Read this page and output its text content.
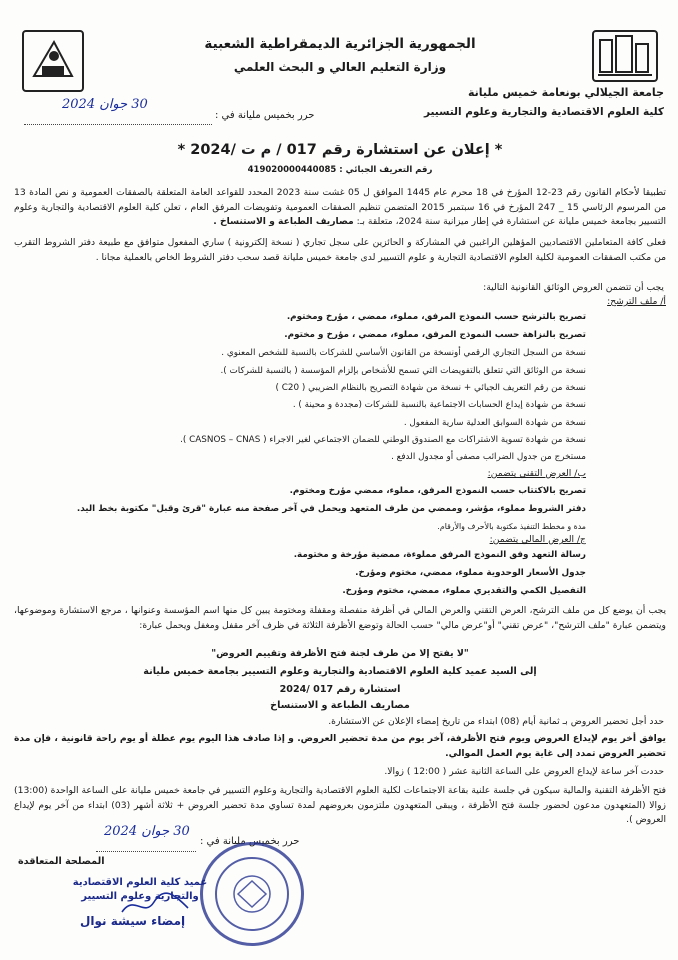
الجمهورية الجزائرية الديمقراطية الشعبية
وزارة التعليم العالي و البحث العلمي
جامعة الجيلالي بونعامة خميس مليانة
كلية العلوم الاقتصادية والتجارية وعلوم التسيير
حرر بخميس مليانة في :
30 جوان 2024
* إعلان عن استشارة رقم 017 / م ت /2024 *
رقم التعريف الجبائي : 419020000440085
تطبيقا لأحكام القانون رقم 23-12 المؤرخ في 18 محرم عام 1445 الموافق ل 05 غشت سنة 2023 المحدد للقواعد العامة المتعلقة بالصفقات العمومية و نص المادة 13 من المرسوم الرئاسي 15 _ 247 المؤرخ في 16 سبتمبر 2015 المتضمن تنظيم الصفقات العمومية وتفويضات المرفق العام ، تعلن كلية العلوم الاقتصادية والتجارية وعلوم التسيير بجامعة خميس مليانة عن استشارة في إطار ميزانية سنة 2024، متعلقة بـ: مصاريف الطباعة و الاستنساخ .
فعلى كافة المتعاملين الاقتصاديين المؤهلين الراغبين في المشاركة و الحائزين على سجل تجاري ( نسخة إلكترونية ) ساري المفعول متوافق مع طبيعة دفتر الشروط التقرب من مكتب الصفقات العمومية لكلية العلوم الاقتصادية التجارية و علوم التسيير لدى جامعة خميس مليانة قصد سحب دفتر الشروط الخاص بالعملية مجانا .
يجب أن تتضمن العروض الوثائق القانونية التالية:
أ/ ملف الترشح:
تصريح بالترشح حسب النموذج المرفق، مملوء، ممضي ، مؤرخ ومختوم.
تصريح بالنزاهة حسب النموذج المرفق، مملوء، ممضي ، مؤرخ و مختوم.
نسخة من السجل التجاري الرقمي أونسخة من القانون الأساسي للشركات بالنسبة للشخص المعنوي .
نسخة من الوثائق التي تتعلق بالتفويضات التي تسمح للأشخاص بإلزام المؤسسة ( بالنسبة للشركات ).
نسخة من رقم التعريف الجبائي + نسخة من شهادة التصريح بالنظام الضريبي ( C20 )
نسخة من شهادة إيداع الحسابات الاجتماعية بالنسبة للشركات (مجددة و محينة ) .
نسخة من شهادة السوابق العدلية سارية المفعول .
نسخة من شهادة تسوية الاشتراكات مع الصندوق الوطني للضمان الاجتماعي لغير الاجراء ( CASNOS – CNAS ).
مستخرج من جدول الضرائب مصفى أو مجدول الدفع .
ب/ العرض التقني يتضمن:
تصريح بالاكتتاب حسب النموذج المرفق، مملوء، ممضي مؤرخ ومختوم.
دفتر الشروط مملوء، مؤشر، وممضي من طرف المتعهد ويحمل في آخر صفحة منه عبارة "قرئ وقبل" مكتوبة بخط اليد.
مدة و مخطط التنفيذ مكتوبة بالأحرف والأرقام.
ج/ العرض المالي يتضمن:
رسالة التعهد وفق النموذج المرفق مملوءة، ممضية مؤرخة و مختومة.
جدول الأسعار الوحدوية مملوء، ممضي، مختوم ومؤرخ.
التفصيل الكمي والتقديري مملوء، ممضي، مختوم ومؤرخ.
يجب أن يوضع كل من ملف الترشح، العرض التقني والعرض المالي في أظرفة منفصلة ومقفلة ومختومة يبين كل منها اسم المؤسسة وعنوانها ، مرجع الاستشارة وموضوعها، ويتضمن عبارة "ملف الترشح"، "عرض تقني" أو"عرض مالي" حسب الحالة وتوضع الأظرفة الثلاثة في ظرف آخر مقفل ومغفل ويحمل عبارة:
"لا يفتح إلا من طرف لجنة فتح الأظرفة وتقييم العروض"
إلى السيد عميد كلية العلوم الاقتصادية والتجارية وعلوم التسيير بجامعة خميس مليانة
استشارة رقم 017 /2024
مصاريف الطباعة و الاستنساخ
حدد أجل تحضير العروض بـ ثمانية أيام (08) ابتداء من تاريخ إمضاء الإعلان عن الاستشارة.
يوافق أخر يوم لإيداع العروض ويوم فتح الأظرفة، آخر يوم من مدة تحضير العروض. و إذا صادف هذا اليوم يوم عطلة أو يوم راحة قانونية ، فإن مدة تحضير العروض تمدد إلى غاية يوم العمل الموالي.
حددت آخر ساعة لإيداع العروض على الساعة الثانية عشر ( 12:00 ) زوالا.
فتح الأظرفة التقنية والمالية سيكون في جلسة علنية بقاعة الاجتماعات لكلية العلوم الاقتصادية والتجارية وعلوم التسيير في جامعة خميس مليانة على الساعة الواحدة (13:00) زوالا (المتعهدون مدعون لحضور جلسة فتح الأظرفة ، ويبقى المتعهدون ملتزمون بعروضهم لمدة تساوي مدة تحضير العروض + ثلاثة أشهر (03) ابتداء من آخر يوم لإيداع العروض ).
حرر بخميس مليانة في :
30 جوان 2024
المصلحة المتعاقدة
عميد كلية العلوم الاقتصادية والتجارية وعلوم التسيير
إمضاء سيشة نوال
